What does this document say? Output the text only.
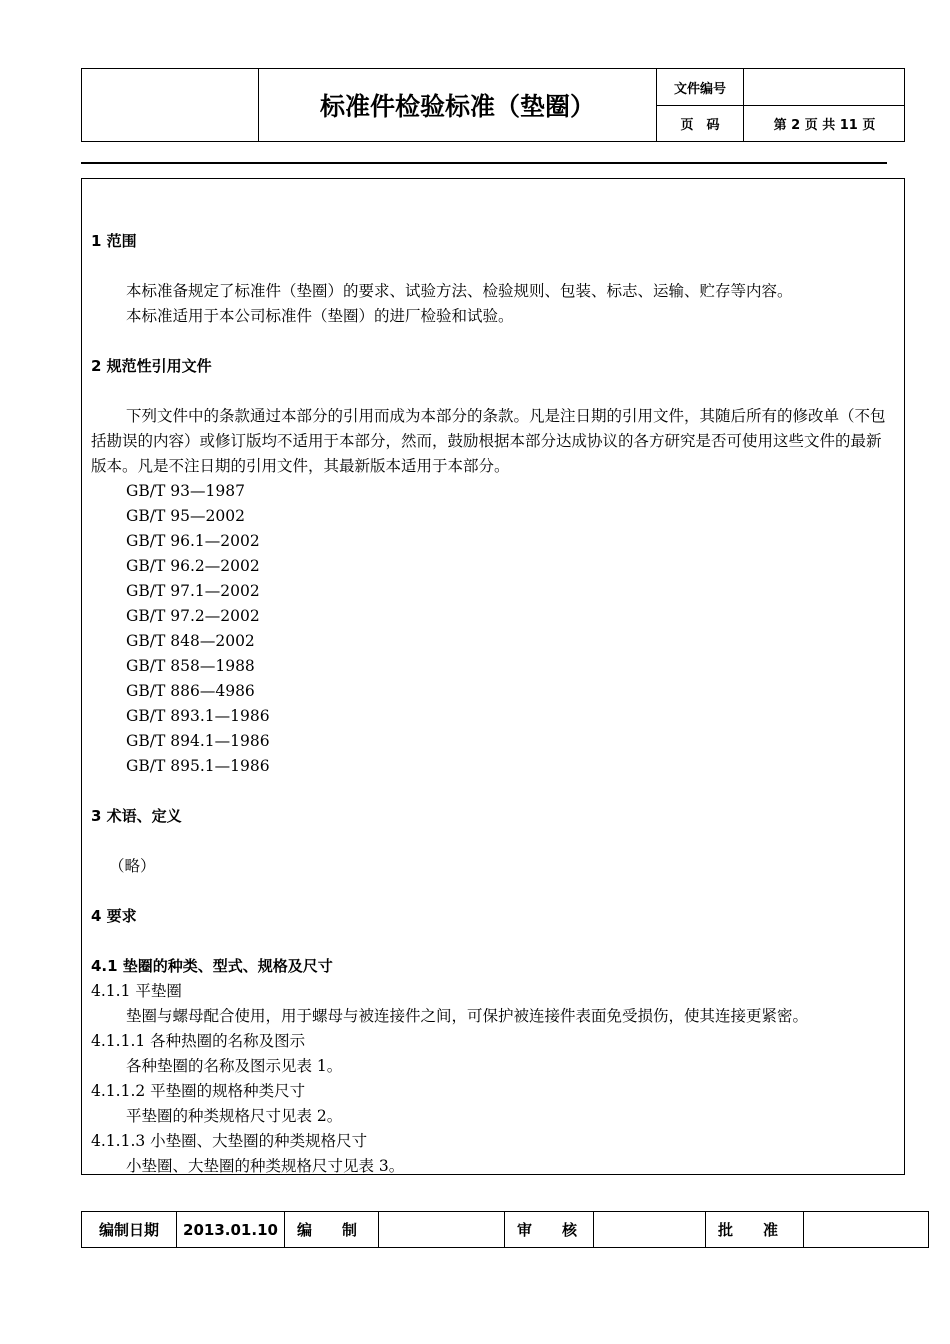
标准件检验标准（垫圈）
文件编号
页　码	第 2 页 共 11 页
1 范围
本标准备规定了标准件（垫圈）的要求、试验方法、检验规则、包装、标志、运输、贮存等内容。
本标准适用于本公司标准件（垫圈）的进厂检验和试验。
2 规范性引用文件
下列文件中的条款通过本部分的引用而成为本部分的条款。凡是注日期的引用文件，其随后所有的修改单（不包括勘误的内容）或修订版均不适用于本部分，然而，鼓励根据本部分达成协议的各方研究是否可使用这些文件的最新版本。凡是不注日期的引用文件，其最新版本适用于本部分。
GB/T 93—1987
GB/T 95—2002
GB/T 96.1—2002
GB/T 96.2—2002
GB/T 97.1—2002
GB/T 97.2—2002
GB/T 848—2002
GB/T 858—1988
GB/T 886—4986
GB/T 893.1—1986
GB/T 894.1—1986
GB/T 895.1—1986
3 术语、定义
（略）
4 要求
4.1 垫圈的种类、型式、规格及尺寸
4.1.1 平垫圈
垫圈与螺母配合使用，用于螺母与被连接件之间，可保护被连接件表面免受损伤，使其连接更紧密。
4.1.1.1 各种热圈的名称及图示
各种垫圈的名称及图示见表 1。
4.1.1.2 平垫圈的规格种类尺寸
平垫圈的种类规格尺寸见表 2。
4.1.1.3 小垫圈、大垫圈的种类规格尺寸
小垫圈、大垫圈的种类规格尺寸见表 3。
编制日期	2013.01.10	编　　制	审　　核	批　　准
